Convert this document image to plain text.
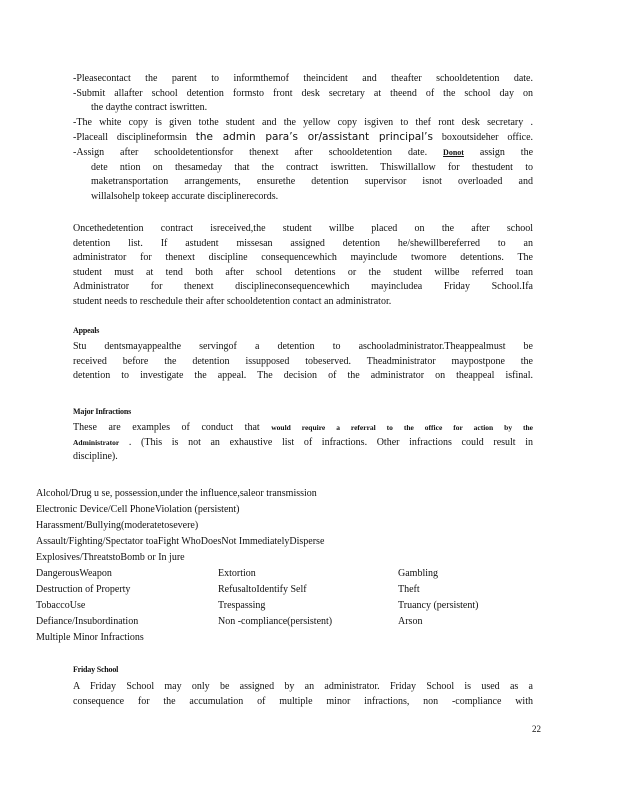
-Pleasecontact the parent to informthemof theincident and theafter schooldetention date.
-Submit allafter school detention formsto front desk secretary at theend of the school day on
the daythe contract iswritten.
-The white copy is given tothe student and the yellow copy isgiven to thef ront desk secretary .
-Placeall disciplineformsin the admin para’s or/assistant principal’s boxoutsideher office.
-Assign after schooldetentionsfor thenext after schooldetention date. Donot assign the
dete ntion on thesameday that the contract iswritten. Thiswillallow for thestudent to
maketransportation arrangements, ensurethe detention supervisor isnot overloaded and
willalsohelp tokeep accurate disciplinerecords.
Oncethedetention contract isreceived,the student willbe placed on the after school
detention list. If astudent missesan assigned detention he/shewillbereferred to an
administrator for thenext discipline consequencewhich mayinclude twomore detentions. The
student must at tend both after school detentions or the student willbe referred toan
Administrator for thenext disciplineconsequencewhich mayincludea Friday School.Ifa
student needs to reschedule their after schooldetention contact an administrator.
Appeals
Stu dentsmayappealthe servingof a detention to aschooladministrator.Theappealmust be
received before the detention issupposed tobeserved. Theadministrator maypostpone the
detention to investigate the appeal. The decision of the administrator on theappeal isfinal.
Major Infractions
These are examples of conduct that would require a referral to the office for action by the
Administrator . (This is not an exhaustive list of infractions. Other infractions could result in
discipline).
Alcohol/Drug u se, possession,under the influence,saleor transmission
Electronic Device/Cell PhoneViolation (persistent)
Harassment/Bullying(moderatetosevere)
Assault/Fighting/Spectator toaFight WhoDoesNot ImmediatelyDisperse
Explosives/ThreatstoBomb or In jure
DangerousWeapon	Extortion	Gambling
Destruction of Property	RefusaltoIdentify Self	Theft
TobaccoUse	Trespassing	Truancy (persistent)
Defiance/Insubordination	Non -compliance(persistent)	Arson
Multiple Minor Infractions
Friday School
A Friday School may only be assigned by an administrator. Friday School is used as a
consequence for the accumulation of multiple minor infractions, non -compliance with
22
